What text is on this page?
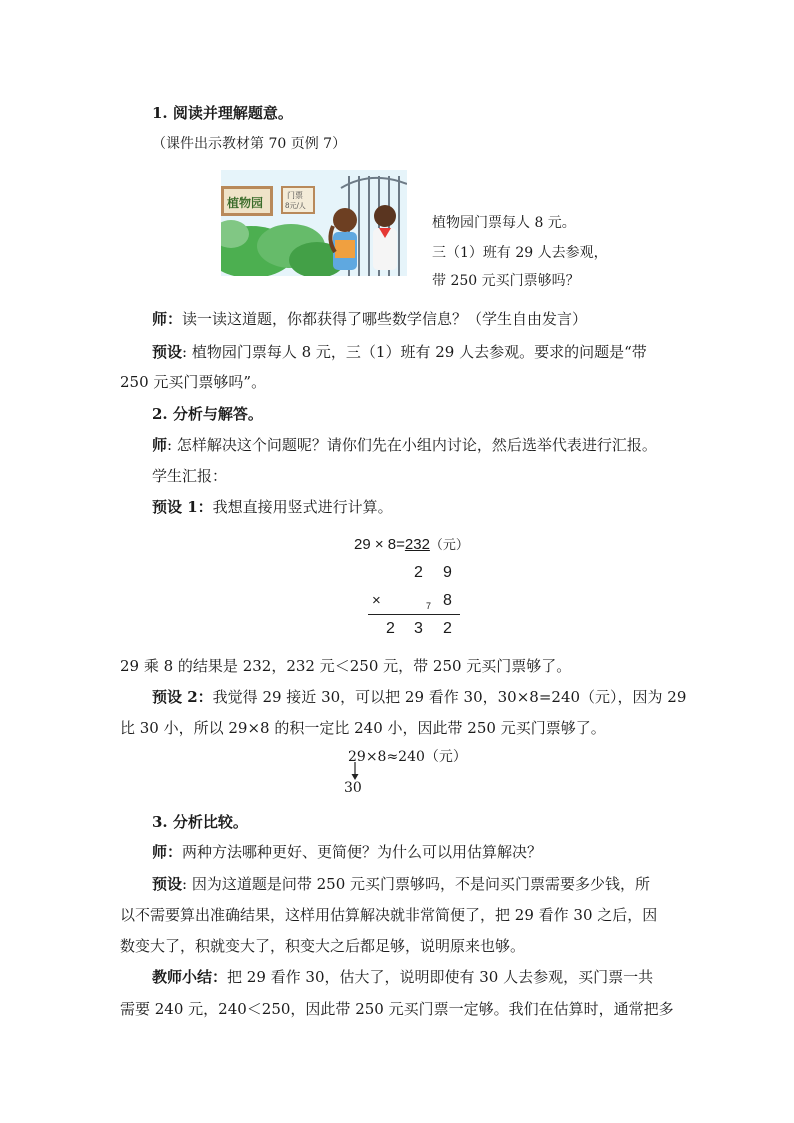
1. 阅读并理解题意。
（课件出示教材第 70 页例 7）
植物园
门票
8元/人
植物园门票每人 8 元。
三（1）班有 29 人去参观，
带 250 元买门票够吗？
师：读一读这道题，你都获得了哪些数学信息？（学生自由发言）
预设: 植物园门票每人 8 元，三（1）班有 29 人去参观。要求的问题是“带
250 元买门票够吗”。
2. 分析与解答。
师: 怎样解决这个问题呢？请你们先在小组内讨论，然后选举代表进行汇报。
学生汇报：
预设 1：我想直接用竖式进行计算。
29 × 8=232（元）
2 9
×	7 8
2 3 2
29 乘 8 的结果是 232，232 元＜250 元，带 250 元买门票够了。
预设 2：我觉得 29 接近 30，可以把 29 看作 30，30×8=240（元），因为 29
比 30 小，所以 29×8 的积一定比 240 小，因此带 250 元买门票够了。
29×8≈240（元）
30
3. 分析比较。
师：两种方法哪种更好、更简便？为什么可以用估算解决？
预设: 因为这道题是问带 250 元买门票够吗，不是问买门票需要多少钱，所
以不需要算出准确结果，这样用估算解决就非常简便了，把 29 看作 30 之后，因
数变大了，积就变大了，积变大之后都足够，说明原来也够。
教师小结：把 29 看作 30，估大了，说明即使有 30 人去参观，买门票一共
需要 240 元，240＜250，因此带 250 元买门票一定够。我们在估算时，通常把多
